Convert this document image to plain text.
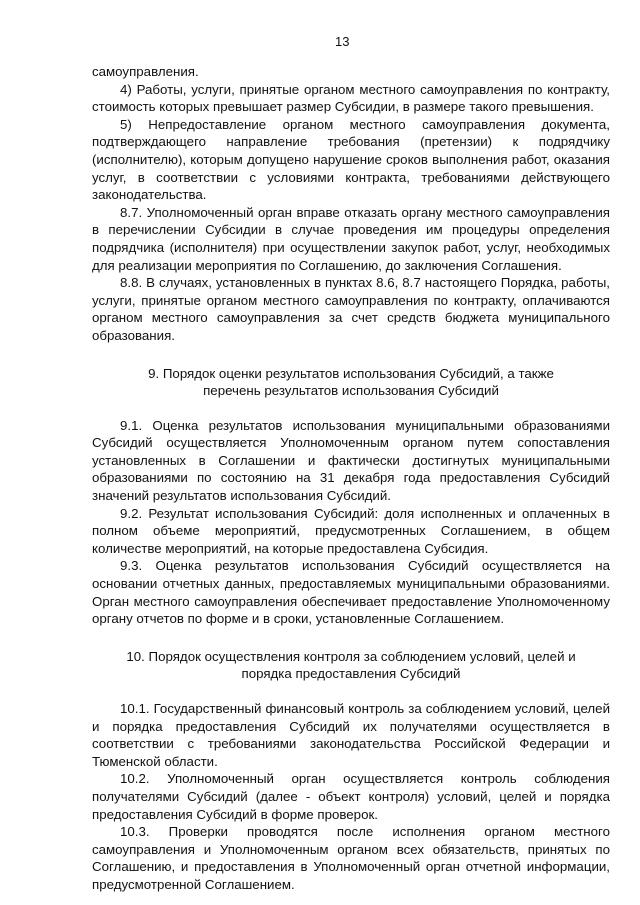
13

самоуправления.

4) Работы, услуги, принятые органом местного самоуправления по контракту, стоимость которых превышает размер Субсидии, в размере такого превышения.

5) Непредоставление органом местного самоуправления документа, подтверждающего направление требования (претензии) к подрядчику (исполнителю), которым допущено нарушение сроков выполнения работ, оказания услуг, в соответствии с условиями контракта, требованиями действующего законодательства.

8.7. Уполномоченный орган вправе отказать органу местного самоуправления в перечислении Субсидии в случае проведения им процедуры определения подрядчика (исполнителя) при осуществлении закупок работ, услуг, необходимых для реализации мероприятия по Соглашению, до заключения Соглашения.

8.8. В случаях, установленных в пунктах 8.6, 8.7 настоящего Порядка, работы, услуги, принятые органом местного самоуправления по контракту, оплачиваются органом местного самоуправления за счет средств бюджета муниципального образования.

9. Порядок оценки результатов использования Субсидий, а также перечень результатов использования Субсидий

9.1. Оценка результатов использования муниципальными образованиями Субсидий осуществляется Уполномоченным органом путем сопоставления установленных в Соглашении и фактически достигнутых муниципальными образованиями по состоянию на 31 декабря года предоставления Субсидий значений результатов использования Субсидий.

9.2. Результат использования Субсидий: доля исполненных и оплаченных в полном объеме мероприятий, предусмотренных Соглашением, в общем количестве мероприятий, на которые предоставлена Субсидия.

9.3. Оценка результатов использования Субсидий осуществляется на основании отчетных данных, предоставляемых муниципальными образованиями. Орган местного самоуправления обеспечивает предоставление Уполномоченному органу отчетов по форме и в сроки, установленные Соглашением.

10. Порядок осуществления контроля за соблюдением условий, целей и порядка предоставления Субсидий

10.1. Государственный финансовый контроль за соблюдением условий, целей и порядка предоставления Субсидий их получателями осуществляется в соответствии с требованиями законодательства Российской Федерации и Тюменской области.

10.2. Уполномоченный орган осуществляется контроль соблюдения получателями Субсидий (далее - объект контроля) условий, целей и порядка предоставления Субсидий в форме проверок.

10.3. Проверки проводятся после исполнения органом местного самоуправления и Уполномоченным органом всех обязательств, принятых по Соглашению, и предоставления в Уполномоченный орган отчетной информации, предусмотренной Соглашением.
